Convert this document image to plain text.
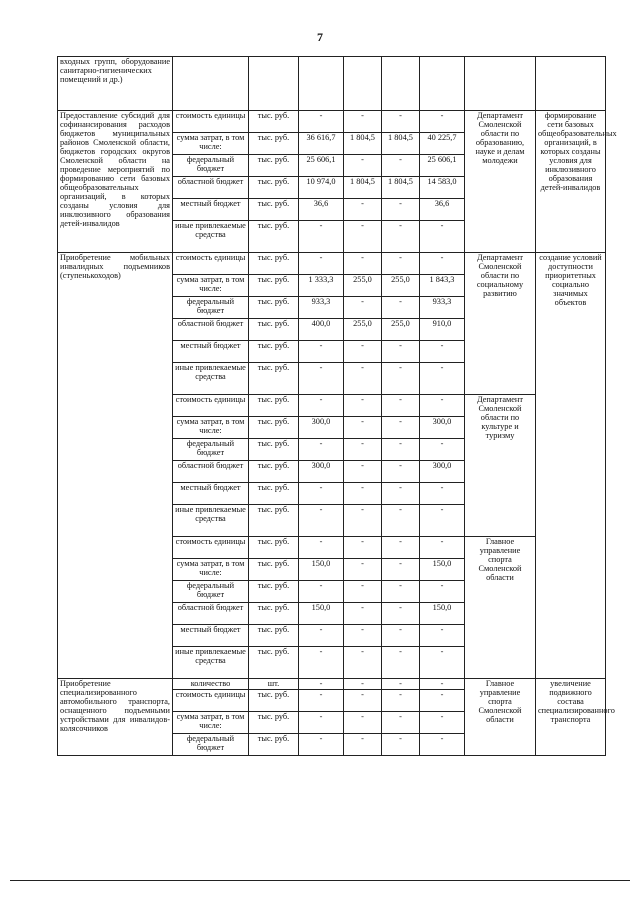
7
входных групп, оборудование санитарно-гигиенических помещений и др.)								
Предоставление субсидий для софинансирования расходов бюджетов муниципальных районов Смоленской области, бюджетов городских округов Смоленской области на проведение мероприятий по формированию сети базовых общеобразовательных организаций, в которых созданы условия для инклюзивного образования детей-инвалидов	стоимость единицы	тыс. руб.	-	-	-	-	Департамент Смоленской области по образованию, науке и делам молодежи	формирование сети базовых общеобразовательных организаций, в которых созданы условия для инклюзивного образования детей-инвалидов
	сумма затрат, в том числе:	тыс. руб.	36 616,7	1 804,5	1 804,5	40 225,7		
	федеральный бюджет	тыс. руб.	25 606,1	-	-	25 606,1		
	областной бюджет	тыс. руб.	10 974,0	1 804,5	1 804,5	14 583,0		
	местный бюджет	тыс. руб.	36,6	-	-	36,6		
	иные привлекаемые средства	тыс. руб.	-	-	-	-		
Приобретение мобильных инвалидных подъемников (ступенькоходов)	стоимость единицы	тыс. руб.	-	-	-	-	Департамент Смоленской области по социальному развитию	создание условий доступности приоритетных социально значимых объектов
	сумма затрат, в том числе:	тыс. руб.	1 333,3	255,0	255,0	1 843,3		
	федеральный бюджет	тыс. руб.	933,3	-	-	933,3		
	областной бюджет	тыс. руб.	400,0	255,0	255,0	910,0		
	местный бюджет	тыс. руб.	-	-	-	-		
	иные привлекаемые средства	тыс. руб.	-	-	-	-		
	стоимость единицы	тыс. руб.	-	-	-	-	Департамент Смоленской области по культуре и туризму	
	сумма затрат, в том числе:	тыс. руб.	300,0	-	-	300,0		
	федеральный бюджет	тыс. руб.	-	-	-	-		
	областной бюджет	тыс. руб.	300,0	-	-	300,0		
	местный бюджет	тыс. руб.	-	-	-	-		
	иные привлекаемые средства	тыс. руб.	-	-	-	-		
	стоимость единицы	тыс. руб.	-	-	-	-	Главное управление спорта Смоленской области	
	сумма затрат, в том числе:	тыс. руб.	150,0	-	-	150,0		
	федеральный бюджет	тыс. руб.	-	-	-	-		
	областной бюджет	тыс. руб.	150,0	-	-	150,0		
	местный бюджет	тыс. руб.	-	-	-	-		
	иные привлекаемые средства	тыс. руб.	-	-	-	-		
Приобретение специализированного автомобильного транспорта, оснащенного подъемными устройствами для инвалидов-колясочников	количество	шт.	-	-	-	-	Главное управление спорта Смоленской области	увеличение подвижного состава специализированного транспорта
	стоимость единицы	тыс. руб.	-	-	-	-		
	сумма затрат, в том числе:	тыс. руб.	-	-	-	-		
	федеральный бюджет	тыс. руб.	-	-	-	-		
